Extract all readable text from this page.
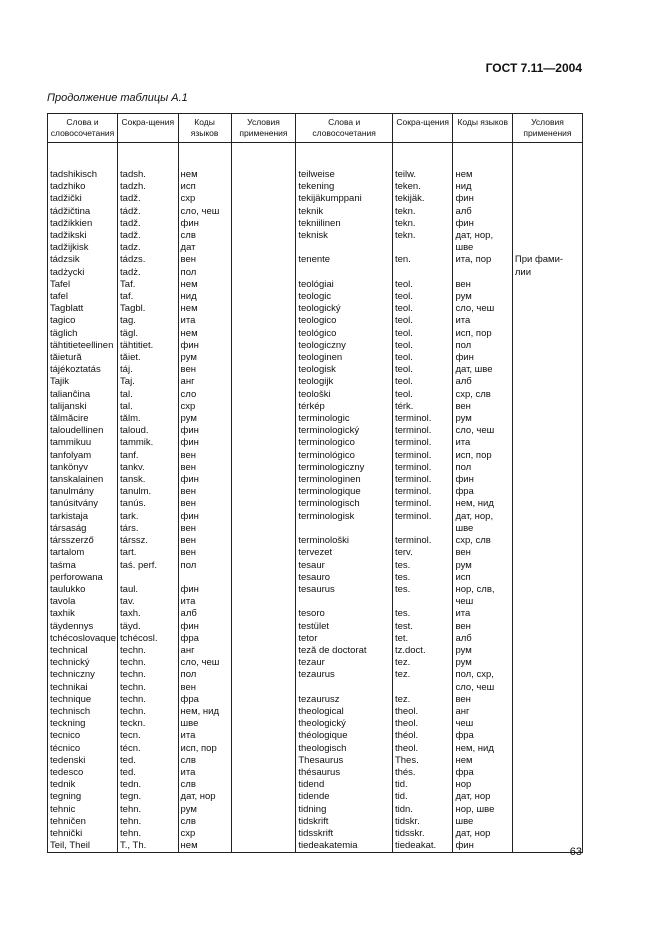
ГОСТ 7.11—2004
Продолжение таблицы А.1
Слова и словосочетания	Сокра-щения	Коды языков	Условия применения	Слова и словосочетания	Сокра-щения	Коды языков	Условия применения

tadshikisch	tadsh.	нем		teilweise	teilw.	нем	
tadzhiko	tadzh.	исп		tekening	teken.	нид	
tadžički	tadž.	схр		tekijäkumppani	tekijäk.	фин	
tádžičtina	tádž.	сло, чеш		teknik	tekn.	алб	
tadžikkien	tadž.	фин		tekniilinen	tekn.	фин	
tadžikski	tadž.	слв		teknisk	tekn.	дат, нор,	
tadžijkisk	tadz.	дат				шве	
tádzsik	tádzs.	вен		tenente	ten.	ита, пор	При фами-
tadżycki	tadż.	пол					лии
Tafel	Taf.	нем		teológiai	teol.	вен	
tafel	taf.	нид		teologic	teol.	рум	
Tagblatt	Tagbl.	нем		teologický	teol.	сло, чеш	
tagico	tag.	ита		teologico	teol.	ита	
täglich	tägl.	нем		teológico	teol.	исп, пор	
tähtitieteellinen	tähtitiet.	фин		teologiczny	teol.	пол	
tăietură	tăiet.	рум		teologinen	teol.	фин	
tájékoztatás	táj.	вен		teologisk	teol.	дат, шве	
Tajik	Taj.	анг		teologijk	teol.	алб	
talianĉina	tal.	сло		teološki	teol.	схр, слв	
talijanski	tal.	схр		térkép	térk.	вен	
tălmăcire	tălm.	рум		terminologic	terminol.	рум	
taloudellinen	taloud.	фин		terminologický	terminol.	сло, чеш	
tammikuu	tammik.	фин		terminologico	terminol.	ита	
tanfolyam	tanf.	вен		terminológico	terminol.	исп, пор	
tankönyv	tankv.	вен		terminologiczny	terminol.	пол	
tanskalainen	tansk.	фин		terminologinen	terminol.	фин	
tanulmány	tanulm.	вен		terminologique	terminol.	фра	
tanúsitvány	tanús.	вен		terminologisch	terminol.	нем, нид	
tarkistaja	tark.	фин		terminologisk	terminol.	дат, нор,	
társaság	társ.	вен				шве	
társszerző	társsz.	вен		terminološki	terminol.	схр, слв	
tartalom	tart.	вен		tervezet	terv.	вен	
taśma	taś. perf.	пол		tesaur	tes.	рум	
perforowana				tesauro	tes.	исп	
taulukko	taul.	фин		tesaurus	tes.	нор, слв,	
tavola	tav.	ита				чеш	
taxhik	taxh.	алб		tesoro	tes.	ита	
täydennys	täyd.	фин		testület	test.	вен	
tchécoslovaque	tchécosl.	фра		tetor	tet.	алб	
technical	techn.	анг		teză de doctorat	tz.doct.	рум	
technický	techn.	сло, чеш		tezaur	tez.	рум	
techniczny	techn.	пол		tezaurus	tez.	пол, схр,	
technikai	techn.	вен				сло, чеш	
technique	techn.	фра		tezaurusz	tez.	вен	
technisch	techn.	нем, нид		theological	theol.	анг	
teckning	teckn.	шве		theologický	theol.	чеш	
tecnico	tecn.	ита		théologique	théol.	фра	
técnico	técn.	исп, пор		theologisch	theol.	нем, нид	
tedenski	ted.	слв		Thesaurus	Thes.	нем	
tedesco	ted.	ита		thésaurus	thés.	фра	
tednik	tedn.	слв		tidend	tid.	нор	
tegning	tegn.	дат, нор		tidende	tid.	дат, нор	
tehnic	tehn.	рум		tidning	tidn.	нор, шве	
tehničen	tehn.	слв		tidskrift	tidskr.	шве	
tehnički	tehn.	схр		tidsskrift	tidsskr.	дат, нор	
Teil, Theil	T., Th.	нем		tiedeakatemia	tiedeakat.	фин	
63
